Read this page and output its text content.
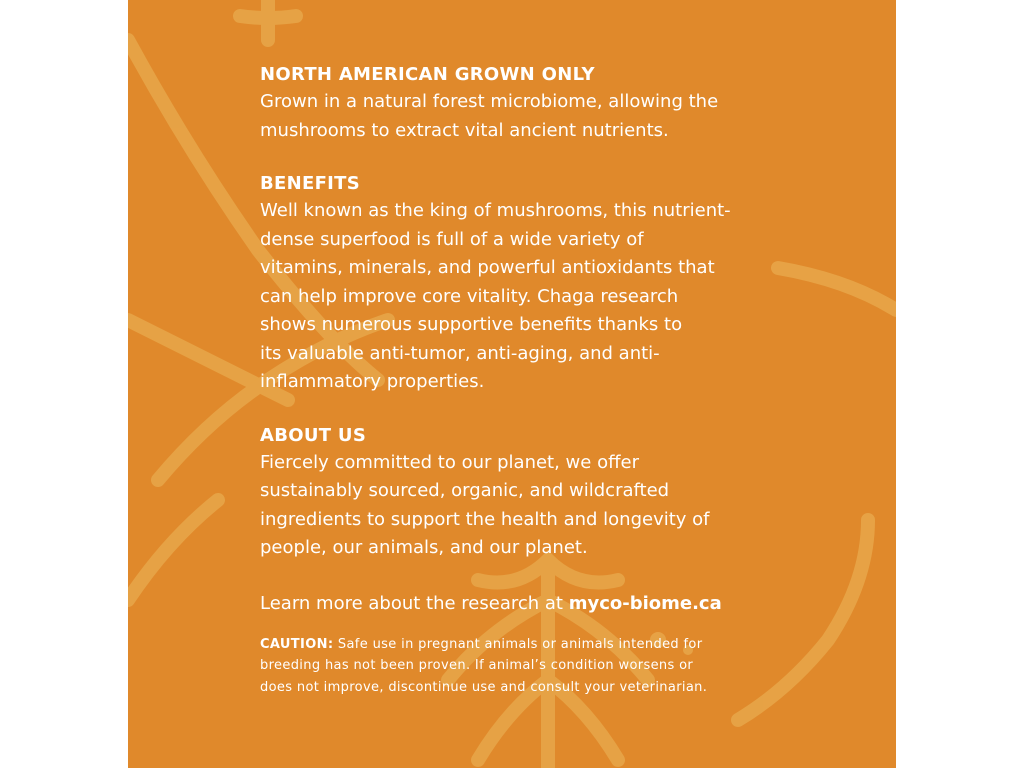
NORTH AMERICAN GROWN ONLY

Grown in a natural forest microbiome, allowing the
mushrooms to extract vital ancient nutrients.

BENEFITS

Well known as the king of mushrooms, this nutrient-
dense superfood is full of a wide variety of
vitamins, minerals, and powerful antioxidants that
can help improve core vitality. Chaga research
shows numerous supportive benefits thanks to
its valuable anti-tumor, anti-aging, and anti-
inflammatory properties.

ABOUT US

Fiercely committed to our planet, we offer
sustainably sourced, organic, and wildcrafted
ingredients to support the health and longevity of
people, our animals, and our planet.

Learn more about the research at myco-biome.ca

CAUTION: Safe use in pregnant animals or animals intended for
breeding has not been proven. If animal’s condition worsens or
does not improve, discontinue use and consult your veterinarian.
